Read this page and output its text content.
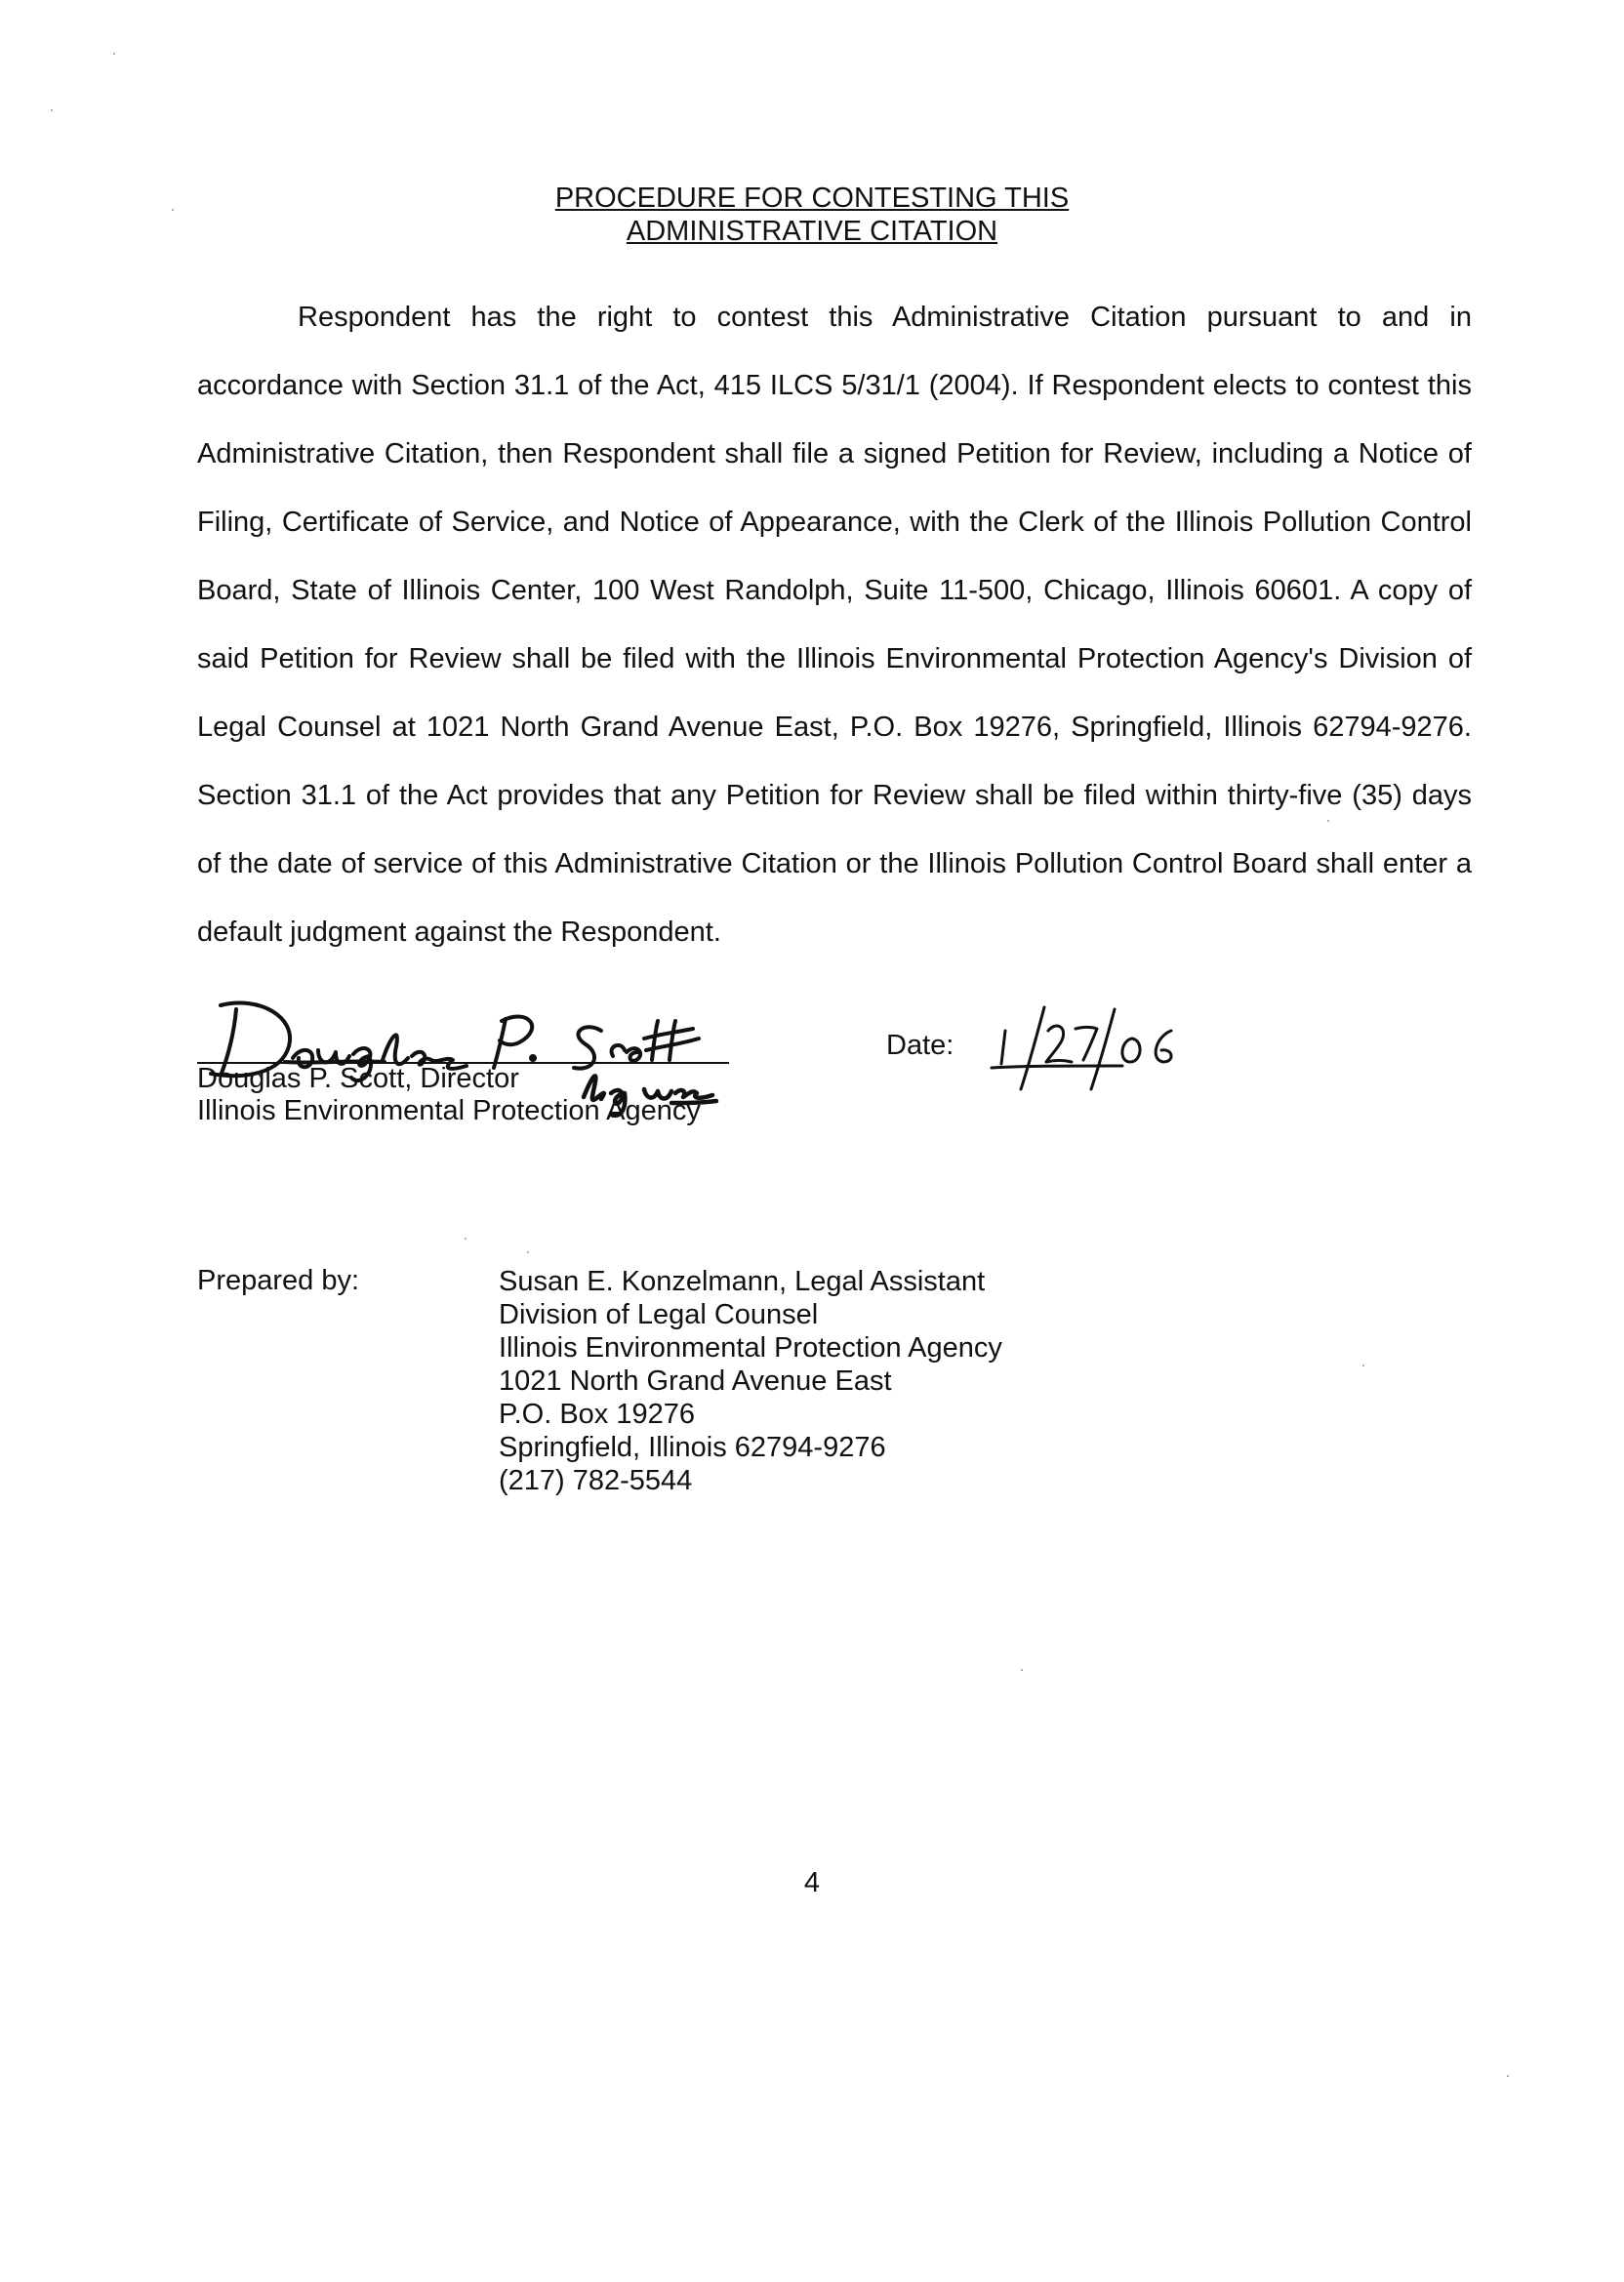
PROCEDURE FOR CONTESTING THIS
ADMINISTRATIVE CITATION

Respondent has the right to contest this Administrative Citation pursuant to and in accordance with Section 31.1 of the Act, 415 ILCS 5/31/1 (2004). If Respondent elects to contest this Administrative Citation, then Respondent shall file a signed Petition for Review, including a Notice of Filing, Certificate of Service, and Notice of Appearance, with the Clerk of the Illinois Pollution Control Board, State of Illinois Center, 100 West Randolph, Suite 11-500, Chicago, Illinois 60601. A copy of said Petition for Review shall be filed with the Illinois Environmental Protection Agency's Division of Legal Counsel at 1021 North Grand Avenue East, P.O. Box 19276, Springfield, Illinois 62794-9276. Section 31.1 of the Act provides that any Petition for Review shall be filed within thirty-five (35) days of the date of service of this Administrative Citation or the Illinois Pollution Control Board shall enter a default judgment against the Respondent.

Douglas P. Scott, Director
Illinois Environmental Protection Agency
Date:
Prepared by:	Susan E. Konzelmann, Legal Assistant
Division of Legal Counsel
Illinois Environmental Protection Agency
1021 North Grand Avenue East
P.O. Box 19276
Springfield, Illinois 62794-9276
(217) 782-5544
4
